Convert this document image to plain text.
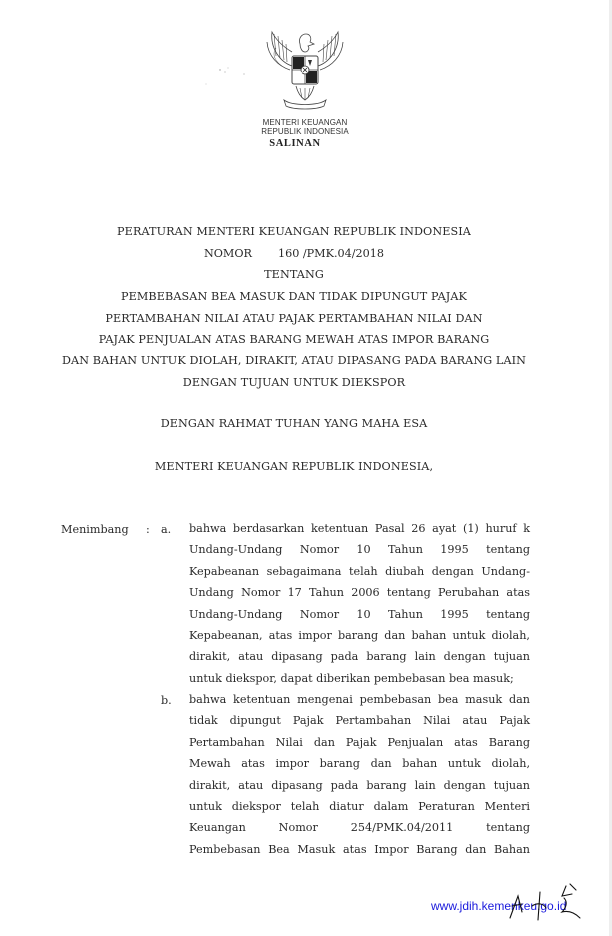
MENTERI KEUANGAN
REPUBLIK INDONESIA
SALINAN
PERATURAN MENTERI KEUANGAN REPUBLIK INDONESIA
NOMOR 160 /PMK.04/2018
TENTANG
PEMBEBASAN BEA MASUK DAN TIDAK DIPUNGUT PAJAK
PERTAMBAHAN NILAI ATAU PAJAK PERTAMBAHAN NILAI DAN
PAJAK PENJUALAN ATAS BARANG MEWAH ATAS IMPOR BARANG
DAN BAHAN UNTUK DIOLAH, DIRAKIT, ATAU DIPASANG PADA BARANG LAIN
DENGAN TUJUAN UNTUK DIEKSPOR
DENGAN RAHMAT TUHAN YANG MAHA ESA
MENTERI KEUANGAN REPUBLIK INDONESIA,
Menimbang : a. bahwa berdasarkan ketentuan Pasal 26 ayat (1) huruf k
Undang-Undang Nomor 10 Tahun 1995 tentang
Kepabeanan sebagaimana telah diubah dengan Undang-
Undang Nomor 17 Tahun 2006 tentang Perubahan atas
Undang-Undang Nomor 10 Tahun 1995 tentang
Kepabeanan, atas impor barang dan bahan untuk diolah,
dirakit, atau dipasang pada barang lain dengan tujuan
untuk diekspor, dapat diberikan pembebasan bea masuk;
b. bahwa ketentuan mengenai pembebasan bea masuk dan
tidak dipungut Pajak Pertambahan Nilai atau Pajak
Pertambahan Nilai dan Pajak Penjualan atas Barang
Mewah atas impor barang dan bahan untuk diolah,
dirakit, atau dipasang pada barang lain dengan tujuan
untuk diekspor telah diatur dalam Peraturan Menteri
Keuangan Nomor 254/PMK.04/2011 tentang
Pembebasan Bea Masuk atas Impor Barang dan Bahan
www.jdih.kemenkeu.go.id
